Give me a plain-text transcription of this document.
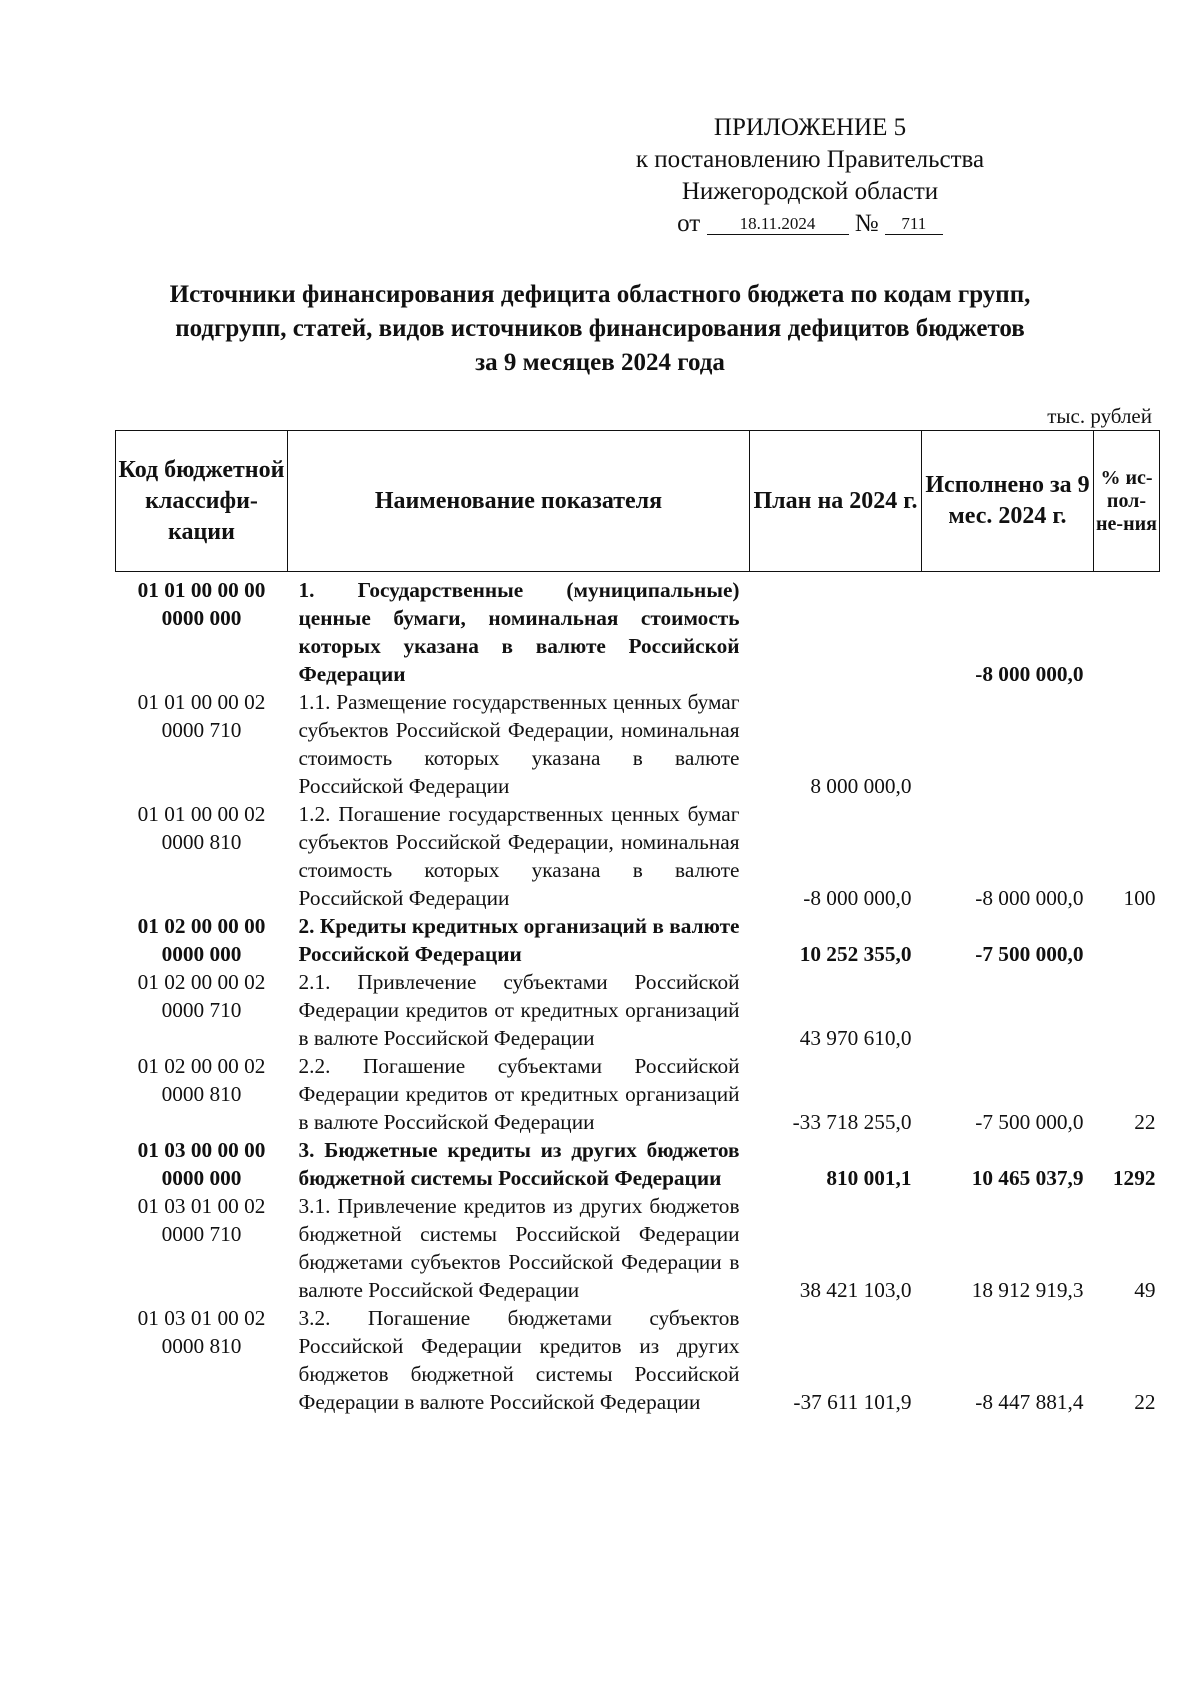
ПРИЛОЖЕНИЕ 5
к постановлению Правительства
Нижегородской области
от 18.11.2024 № 711
Источники финансирования дефицита областного бюджета по кодам групп,
подгрупп, статей, видов источников финансирования дефицитов бюджетов
за 9 месяцев 2024 года
тыс. рублей
Код бюджетной классифи-кации	Наименование показателя	План на 2024 г.	Исполнено за 9 мес. 2024 г.	% ис-пол-не-ния
01 01 00 00 00 0000 000	1. Государственные (муниципальные) ценные бумаги, номинальная стоимость которых указана в валюте Российской Федерации		-8 000 000,0	
01 01 00 00 02 0000 710	1.1. Размещение государственных ценных бумаг субъектов Российской Федерации, номинальная стоимость которых указана в валюте Российской Федерации	8 000 000,0		
01 01 00 00 02 0000 810	1.2. Погашение государственных ценных бумаг субъектов Российской Федерации, номинальная стоимость которых указана в валюте Российской Федерации	-8 000 000,0	-8 000 000,0	100
01 02 00 00 00 0000 000	2. Кредиты кредитных организаций в валюте Российской Федерации	10 252 355,0	-7 500 000,0	
01 02 00 00 02 0000 710	2.1. Привлечение субъектами Российской Федерации кредитов от кредитных организаций в валюте Российской Федерации	43 970 610,0		
01 02 00 00 02 0000 810	2.2. Погашение субъектами Российской Федерации кредитов от кредитных организаций в валюте Российской Федерации	-33 718 255,0	-7 500 000,0	22
01 03 00 00 00 0000 000	3. Бюджетные кредиты из других бюджетов бюджетной системы Российской Федерации	810 001,1	10 465 037,9	1292
01 03 01 00 02 0000 710	3.1. Привлечение кредитов из других бюджетов бюджетной системы Российской Федерации бюджетами субъектов Российской Федерации в валюте Российской Федерации	38 421 103,0	18 912 919,3	49
01 03 01 00 02 0000 810	3.2. Погашение бюджетами субъектов Российской Федерации кредитов из других бюджетов бюджетной системы Российской Федерации в валюте Российской Федерации	-37 611 101,9	-8 447 881,4	22
